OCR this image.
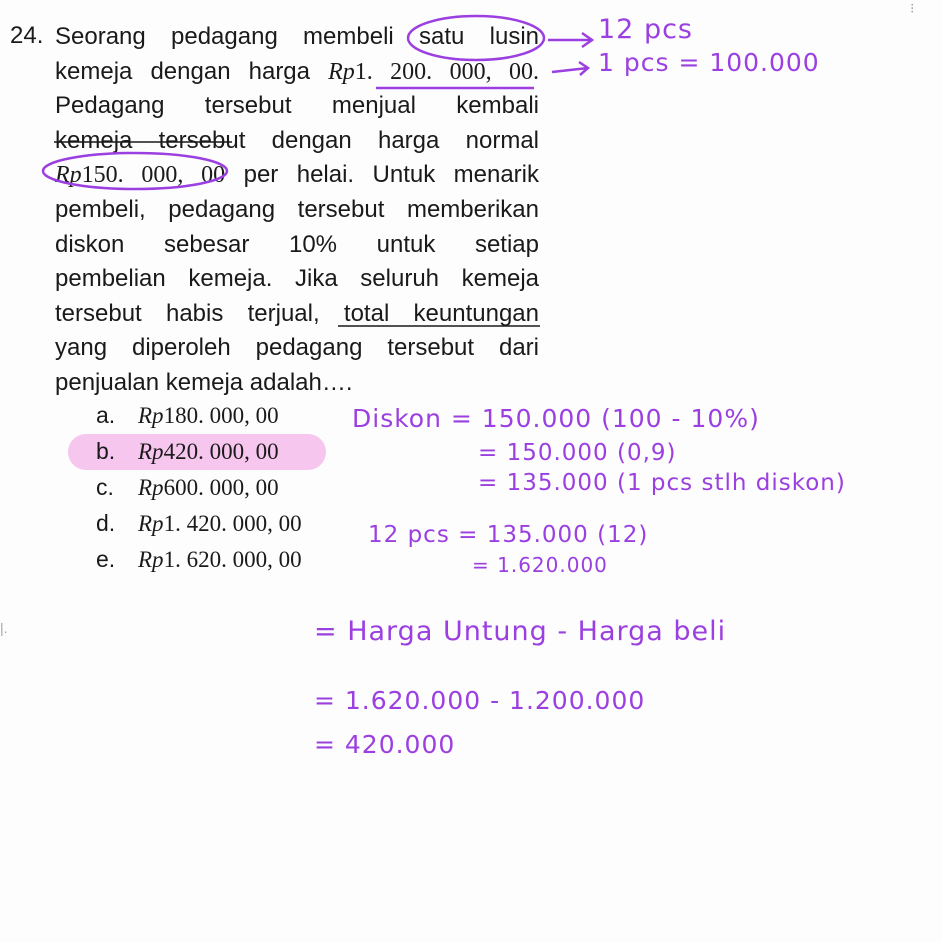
24. Seorang pedagang membeli satu lusin
kemeja dengan harga Rp1. 200. 000, 00.
Pedagang tersebut menjual kembali
kemeja tersebut dengan harga normal
Rp150. 000, 00 per helai. Untuk menarik
pembeli, pedagang tersebut memberikan
diskon sebesar 10% untuk setiap
pembelian kemeja. Jika seluruh kemeja
tersebut habis terjual, total keuntungan
yang diperoleh pedagang tersebut dari
penjualan kemeja adalah….
a. Rp180. 000, 00
b. Rp420. 000, 00
c. Rp600. 000, 00
d. Rp1. 420. 000, 00
e. Rp1. 620. 000, 00
12 pcs
1 pcs = 100.000
Diskon = 150.000 (100 - 10%)
= 150.000 (0,9)
= 135.000 (1 pcs stlh diskon)
12 pcs = 135.000 (12)
= 1.620.000
= Harga Untung - Harga beli
= 1.620.000 - 1.200.000
= 420.000
⁝
|.
